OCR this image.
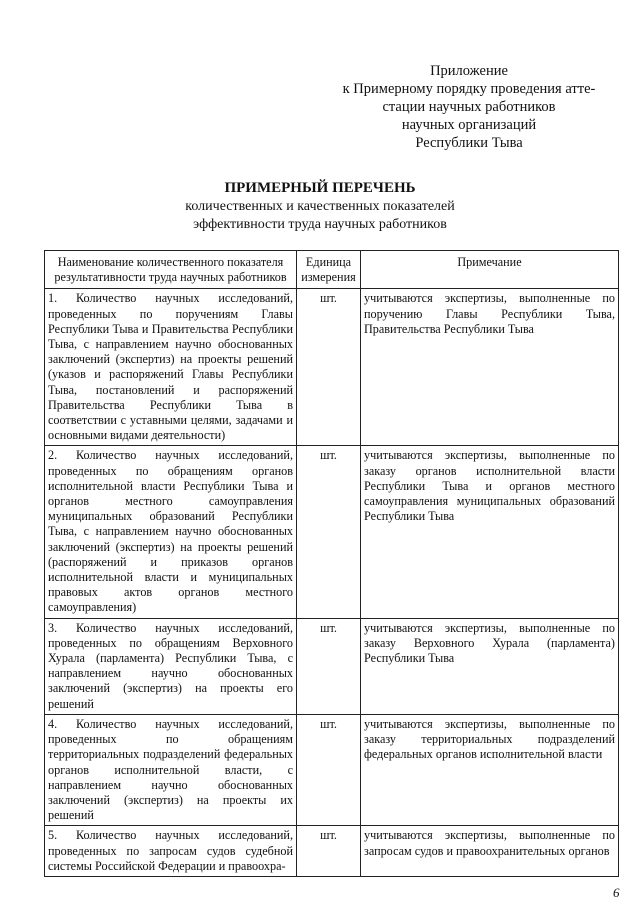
Приложение
к Примерному порядку проведения атте-
стации научных работников
научных организаций
Республики Тыва
ПРИМЕРНЫЙ ПЕРЕЧЕНЬ
количественных и качественных показателей
эффективности труда научных работников
Наименование количественного показателя результативности труда научных работников	Единица измерения	Примечание
1. Количество научных исследований, проведенных по поручениям Главы Республики Тыва и Правительства Республики Тыва, с направлением научно обоснованных заключений (экспертиз) на проекты решений (указов и распоряжений Главы Республики Тыва, постановлений и распоряжений Правительства Республики Тыва в соответствии с уставными целями, задачами и основными видами деятельности)	шт.	учитываются экспертизы, выполненные по поручению Главы Республики Тыва, Правительства Республики Тыва
2. Количество научных исследований, проведенных по обращениям органов исполнительной власти Республики Тыва и органов местного самоуправления муниципальных образований Республики Тыва, с направлением научно обоснованных заключений (экспертиз) на проекты решений (распоряжений и приказов органов исполнительной власти и муниципальных правовых актов органов местного самоуправления)	шт.	учитываются экспертизы, выполненные по заказу органов исполнительной власти Республики Тыва и органов местного самоуправления муниципальных образований Республики Тыва
3. Количество научных исследований, проведенных по обращениям Верховного Хурала (парламента) Республики Тыва, с направлением научно обоснованных заключений (экспертиз) на проекты его решений	шт.	учитываются экспертизы, выполненные по заказу Верховного Хурала (парламента) Республики Тыва
4. Количество научных исследований, проведенных по обращениям территориальных подразделений федеральных органов исполнительной власти, с направлением научно обоснованных заключений (экспертиз) на проекты их решений	шт.	учитываются экспертизы, выполненные по заказу территориальных подразделений федеральных органов исполнительной власти
5. Количество научных исследований, проведенных по запросам судов судебной системы Российской Федерации и правоохра-	шт.	учитываются экспертизы, выполненные по запросам судов и правоохранительных органов
6
